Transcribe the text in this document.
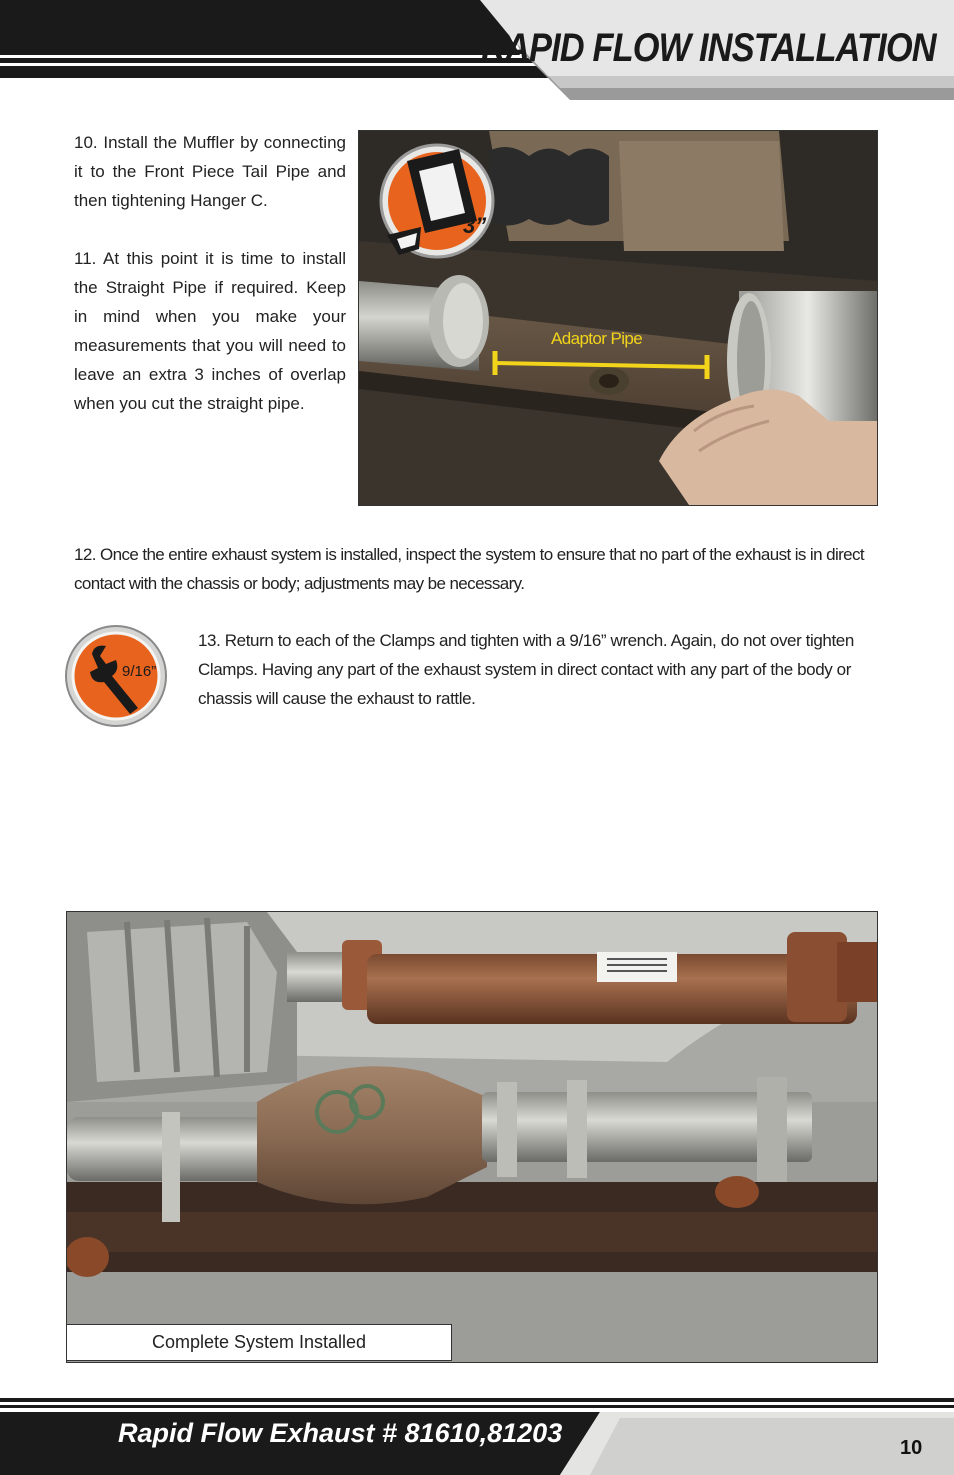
RAPID FLOW INSTALLATION

10. Install the Muffler by connecting it to the Front Piece Tail Pipe and then tightening Hanger C.

11. At this point it is time to install the Straight Pipe if required. Keep in mind when you make your measurements that you will need to leave an extra 3 inches of overlap when you cut the straight pipe.

Adaptor Pipe
3”

12. Once the entire exhaust system is installed, inspect the system to ensure that no part of the exhaust is in direct contact with the chassis or body; adjustments may be necessary.

9/16”

13. Return to each of the Clamps and tighten with a 9/16” wrench. Again, do not over tighten Clamps. Having any part of the exhaust system in direct contact with any part of the body or chassis will cause the exhaust to rattle.

Complete System Installed
Rapid Flow Exhaust # 81610,81203	10
